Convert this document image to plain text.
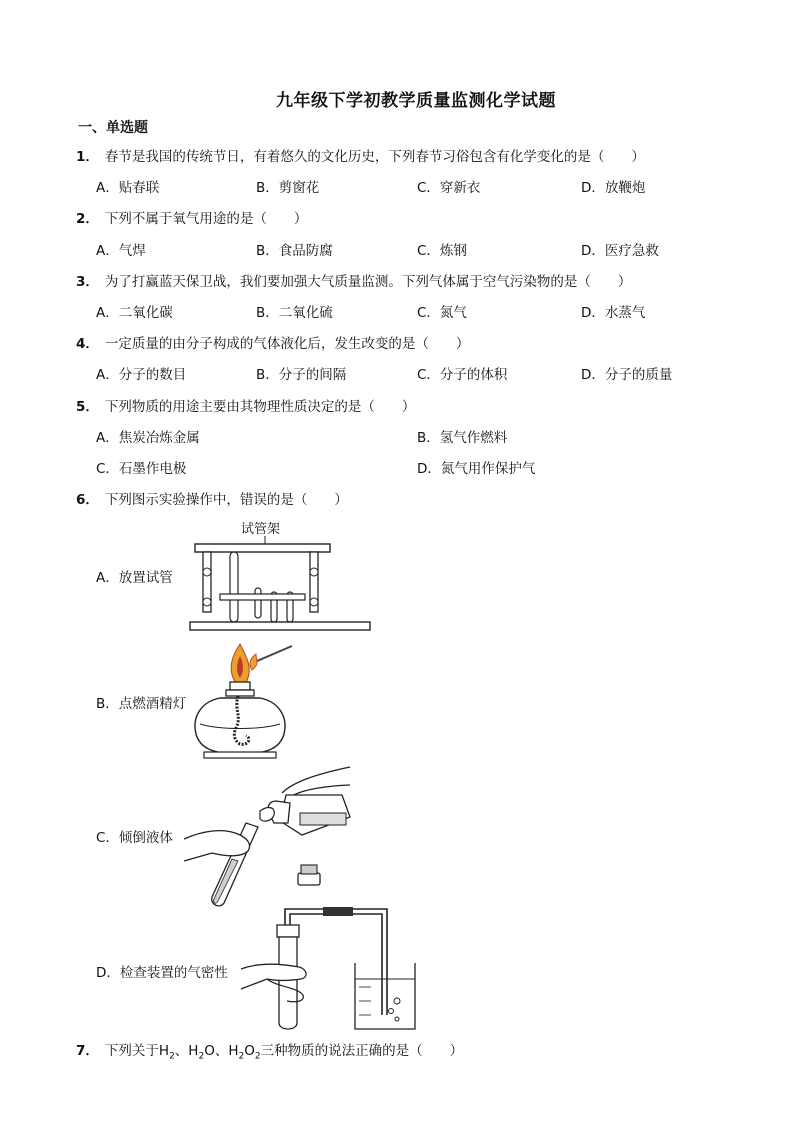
九年级下学初教学质量监测化学试题
一、单选题
1． 春节是我国的传统节日，有着悠久的文化历史，下列春节习俗包含有化学变化的是（　　）
A．贴春联	B．剪窗花	C．穿新衣	D．放鞭炮
2． 下列不属于氧气用途的是（　　）
A．气焊	B．食品防腐	C．炼钢	D．医疗急救
3． 为了打赢蓝天保卫战，我们要加强大气质量监测。下列气体属于空气污染物的是（　　）
A．二氧化碳	B．二氧化硫	C．氮气	D．水蒸气
4． 一定质量的由分子构成的气体液化后，发生改变的是（　　）
A．分子的数目	B．分子的间隔	C．分子的体积	D．分子的质量
5． 下列物质的用途主要由其物理性质决定的是（　　）
A．焦炭冶炼金属	B．氢气作燃料
C．石墨作电极	D．氮气用作保护气
6． 下列图示实验操作中，错误的是（　　）
A．放置试管
试管架
B．点燃酒精灯
C．倾倒液体
D．检查装置的气密性
7． 下列关于$H_2$、$H_2O$、$H_2O_2$三种物质的说法正确的是（　　）
